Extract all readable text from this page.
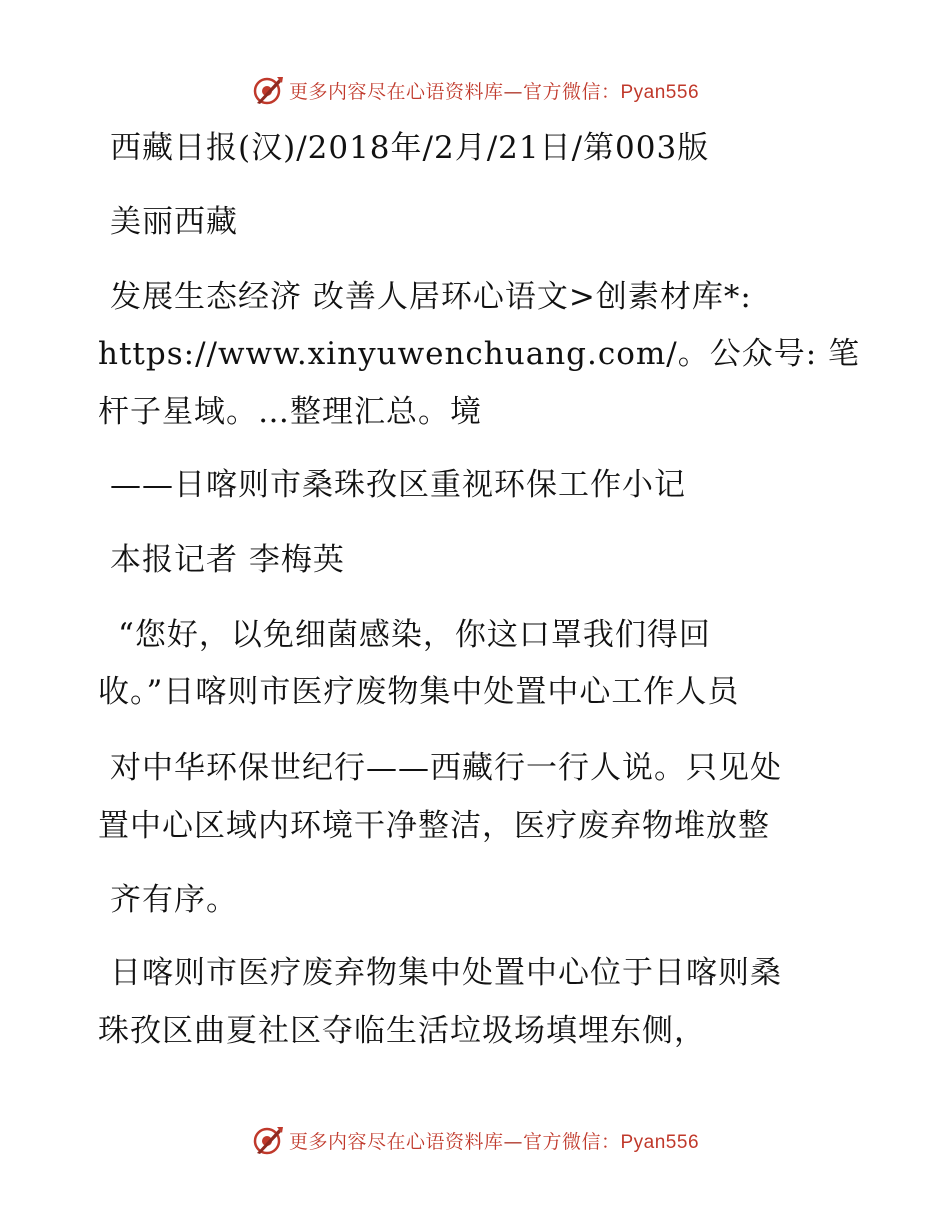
更多内容尽在心语资料库—官方微信：Pyan556
西藏日报(汉)/2018年/2月/21日/第003版
美丽西藏
发展生态经济 改善人居环心语文>创素材库*:
https://www.xinyuwenchuang.com/。公众号: 笔
杆子星域。…整理汇总。境
——日喀则市桑珠孜区重视环保工作小记
本报记者 李梅英
“您好，以免细菌感染，你这口罩我们得回
收。”日喀则市医疗废物集中处置中心工作人员
对中华环保世纪行——西藏行一行人说。只见处
置中心区域内环境干净整洁，医疗废弃物堆放整
齐有序。
日喀则市医疗废弃物集中处置中心位于日喀则桑
珠孜区曲夏社区夺临生活垃圾场填埋东侧，
更多内容尽在心语资料库—官方微信：Pyan556
